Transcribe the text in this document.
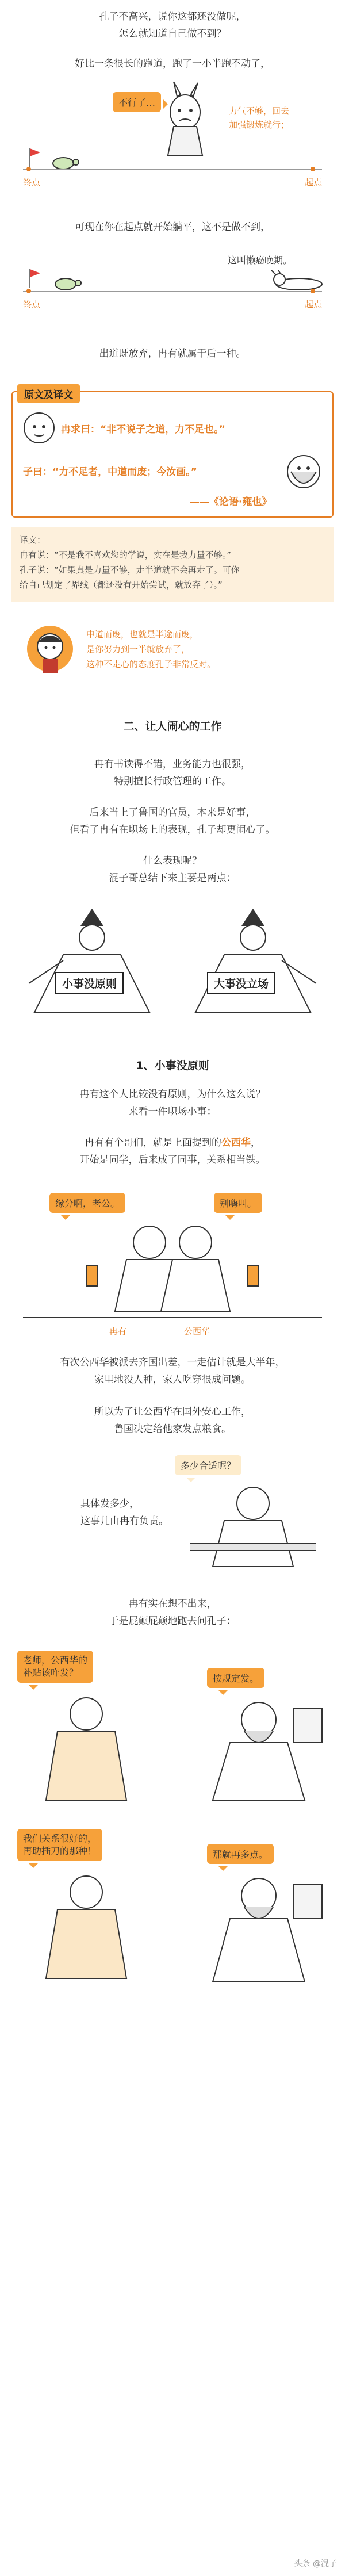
孔子不高兴，说你这都还没做呢，
怎么就知道自己做不到？
好比一条很长的跑道，跑了一小半跑不动了，
不行了…
力气不够，回去
加强锻炼就行；
终点	起点
可现在你在起点就开始躺平，这不是做不到，
这叫懒癌晚期。
终点	起点
出道既放弃，冉有就属于后一种。
原文及译文
冉求曰：“非不说子之道，力不足也。”
子曰：“力不足者，中道而废；今汝画。”
——《论语·雍也》
译文：
冉有说：“不是我不喜欢您的学说，实在是我力量不够。”
孔子说：“如果真是力量不够，走半道就不会再走了。可你
给自己划定了界线（都还没有开始尝试，就放弃了）。”
中道而废，也就是半途而废，
是你努力到一半就放弃了，
这种不走心的态度孔子非常反对。
二、让人闹心的工作
冉有书读得不错，业务能力也很强，
特别擅长行政管理的工作。
后来当上了鲁国的官员，本来是好事，
但看了冉有在职场上的表现，孔子却更闹心了。
什么表现呢？
混子哥总结下来主要是两点：
小事没原则	大事没立场
1、小事没原则
冉有这个人比较没有原则，为什么这么说？
来看一件职场小事：
冉有有个哥们，就是上面提到的公西华，
开始是同学，后来成了同事，关系相当铁。
缘分啊，老公。	别嗨叫。
冉有	公西华
有次公西华被派去齐国出差，一走估计就是大半年，
家里地没人种，家人吃穿很成问题。
所以为了让公西华在国外安心工作，
鲁国决定给他家发点粮食。
多少合适呢？
具体发多少，
这事儿由冉有负责。
冉有实在想不出来，
于是屁颠屁颠地跑去问孔子：
老师，公西华的
补贴该咋发？
按规定发。
我们关系很好的，
再助插刀的那种！	那就再多点。
头条 @混子
